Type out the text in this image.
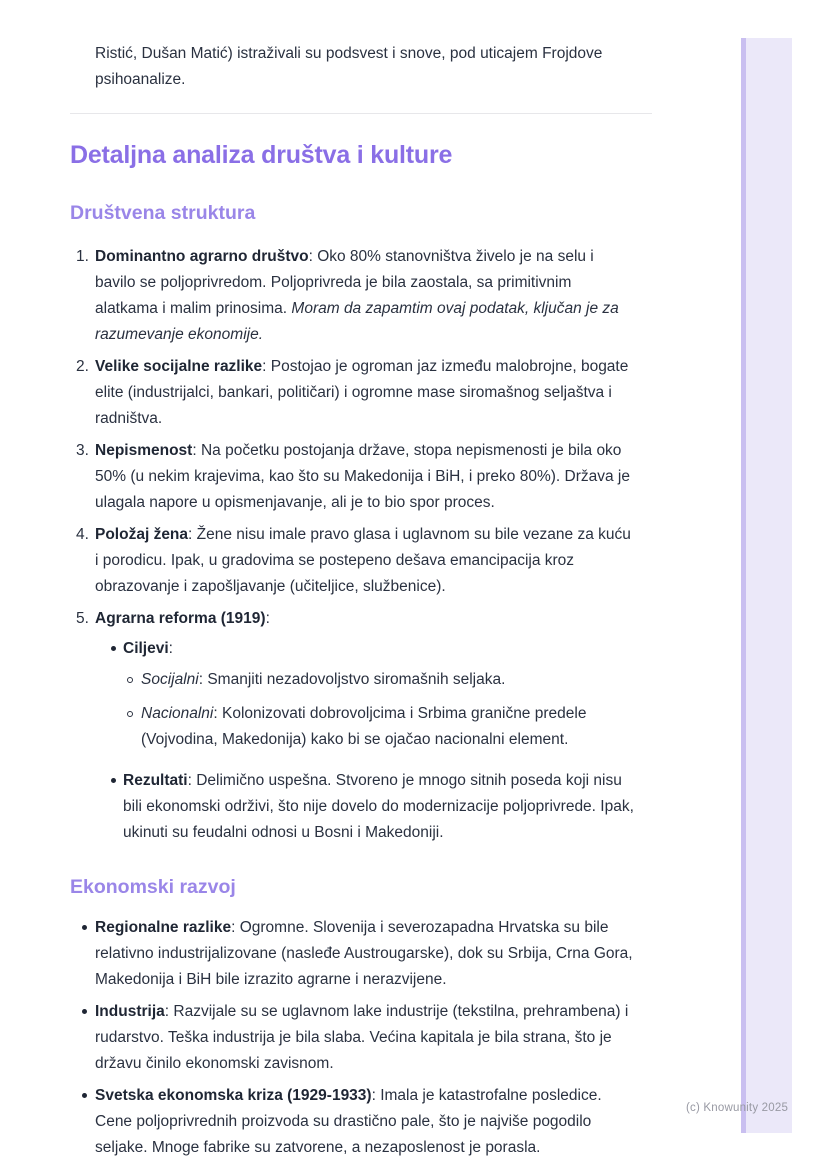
Ristić, Dušan Matić) istraživali su podsvest i snove, pod uticajem Frojdove psihoanalize.

Detaljna analiza društva i kulture
Društvena struktura
1. Dominantno agrarno društvo: Oko 80% stanovništva živelo je na selu i bavilo se poljoprivredom. Poljoprivreda je bila zaostala, sa primitivnim alatkama i malim prinosima. Moram da zapamtim ovaj podatak, ključan je za razumevanje ekonomije.
2. Velike socijalne razlike: Postojao je ogroman jaz između malobrojne, bogate elite (industrijalci, bankari, političari) i ogromne mase siromašnog seljaštva i radništva.
3. Nepismenost: Na početku postojanja države, stopa nepismenosti je bila oko 50% (u nekim krajevima, kao što su Makedonija i BiH, i preko 80%). Država je ulagala napore u opismenjavanje, ali je to bio spor proces.
4. Položaj žena: Žene nisu imale pravo glasa i uglavnom su bile vezane za kuću i porodicu. Ipak, u gradovima se postepeno dešava emancipacija kroz obrazovanje i zapošljavanje (učiteljice, službenice).
5. Agrarna reforma (1919):
Ciljevi:
Socijalni: Smanjiti nezadovoljstvo siromašnih seljaka.
Nacionalni: Kolonizovati dobrovoljcima i Srbima granične predele (Vojvodina, Makedonija) kako bi se ojačao nacionalni element.
Rezultati: Delimično uspešna. Stvoreno je mnogo sitnih poseda koji nisu bili ekonomski održivi, što nije dovelo do modernizacije poljoprivrede. Ipak, ukinuti su feudalni odnosi u Bosni i Makedoniji.
Ekonomski razvoj
Regionalne razlike: Ogromne. Slovenija i severozapadna Hrvatska su bile relativno industrijalizovane (nasleđe Austrougarske), dok su Srbija, Crna Gora, Makedonija i BiH bile izrazito agrarne i nerazvijene.
Industrija: Razvijale su se uglavnom lake industrije (tekstilna, prehrambena) i rudarstvo. Teška industrija je bila slaba. Većina kapitala je bila strana, što je državu činilo ekonomski zavisnom.
Svetska ekonomska kriza (1929-1933): Imala je katastrofalne posledice. Cene poljoprivrednih proizvoda su drastično pale, što je najviše pogodilo seljake. Mnoge fabrike su zatvorene, a nezaposlenost je porasla.
(c) Knowunity 2025
